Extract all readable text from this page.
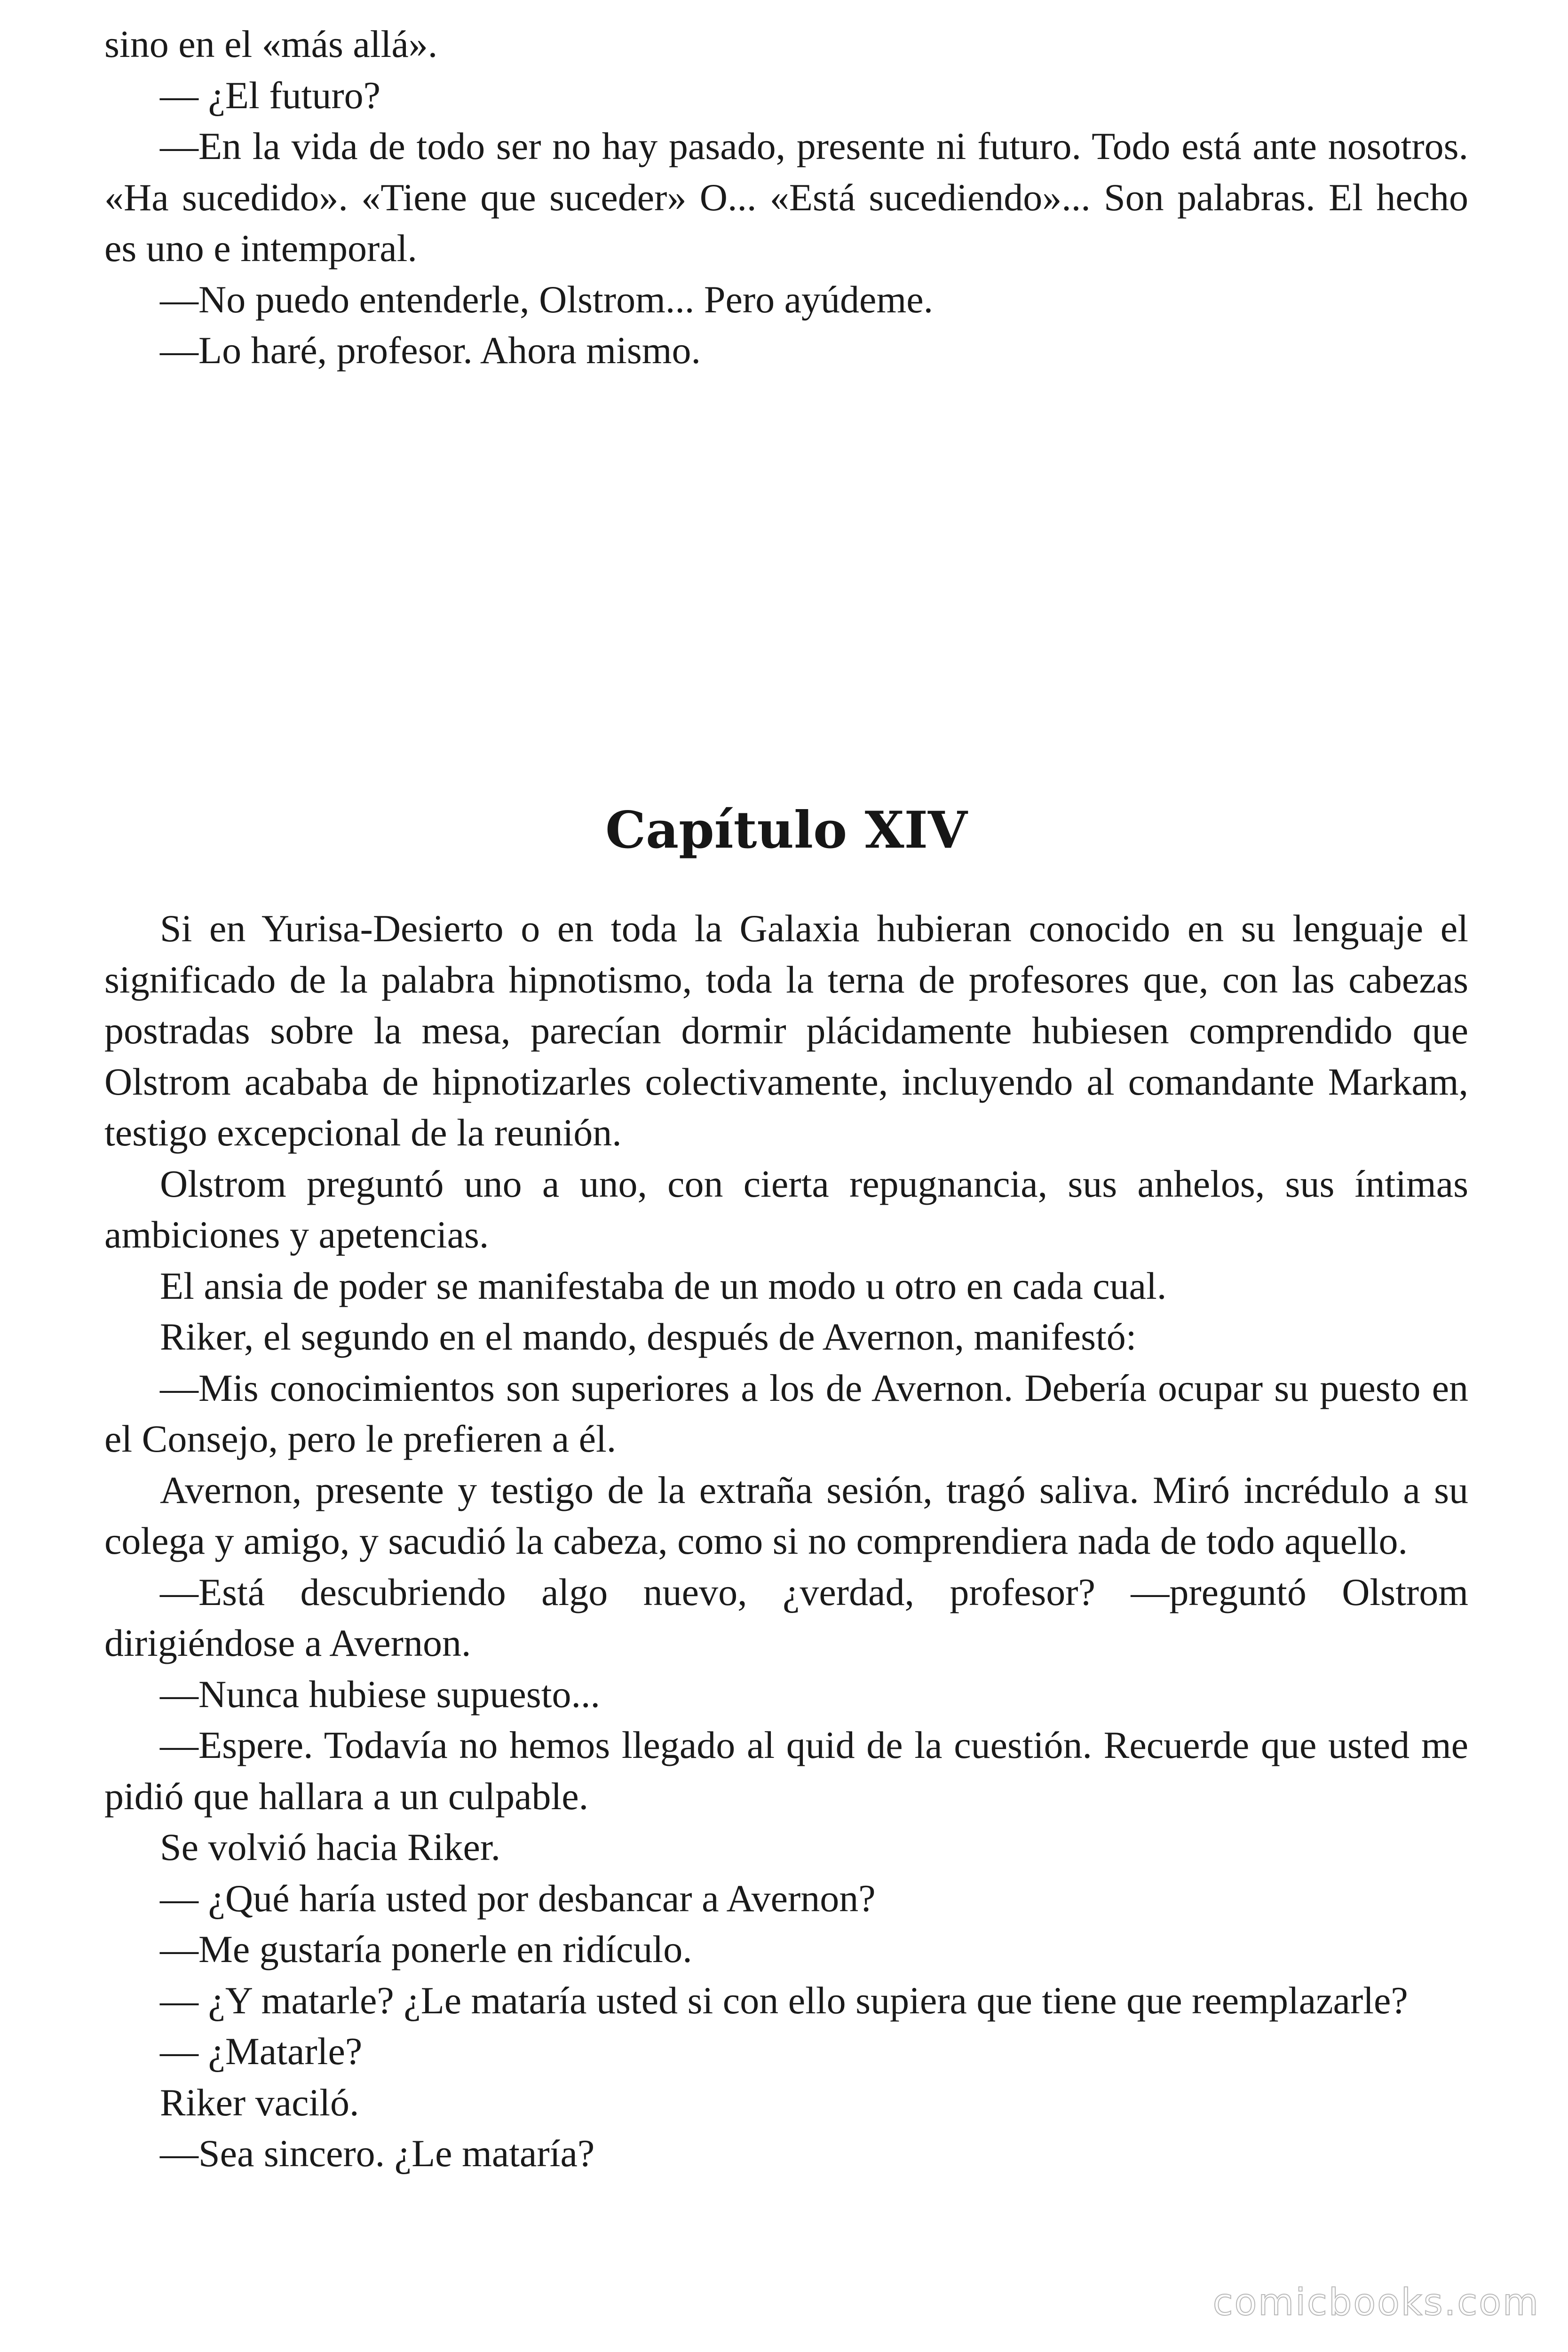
sino en el «más allá».

— ¿El futuro?

—En la vida de todo ser no hay pasado, presente ni futuro. Todo está ante nosotros. «Ha sucedido». «Tiene que suceder» O... «Está sucediendo»... Son palabras. El hecho es uno e intemporal.

—No puedo entenderle, Olstrom... Pero ayúdeme.

—Lo haré, profesor. Ahora mismo.

Capítulo XIV

Si en Yurisa-Desierto o en toda la Galaxia hubieran conocido en su lenguaje el significado de la palabra hipnotismo, toda la terna de profesores que, con las cabezas postradas sobre la mesa, parecían dormir plácidamente hubiesen comprendido que Olstrom acababa de hipnotizarles colectivamente, incluyendo al comandante Markam, testigo excepcional de la reunión.

Olstrom preguntó uno a uno, con cierta repugnancia, sus anhelos, sus íntimas ambiciones y apetencias.

El ansia de poder se manifestaba de un modo u otro en cada cual.

Riker, el segundo en el mando, después de Avernon, manifestó:

—Mis conocimientos son superiores a los de Avernon. Debería ocupar su puesto en el Consejo, pero le prefieren a él.

Avernon, presente y testigo de la extraña sesión, tragó saliva. Miró incrédulo a su colega y amigo, y sacudió la cabeza, como si no comprendiera nada de todo aquello.

—Está descubriendo algo nuevo, ¿verdad, profesor? —preguntó Olstrom dirigiéndose a Avernon.

—Nunca hubiese supuesto...

—Espere. Todavía no hemos llegado al quid de la cuestión. Recuerde que usted me pidió que hallara a un culpable.

Se volvió hacia Riker.

— ¿Qué haría usted por desbancar a Avernon?

—Me gustaría ponerle en ridículo.

— ¿Y matarle? ¿Le mataría usted si con ello supiera que tiene que reemplazarle?

— ¿Matarle?

Riker vaciló.

—Sea sincero. ¿Le mataría?

comicbooks.com
